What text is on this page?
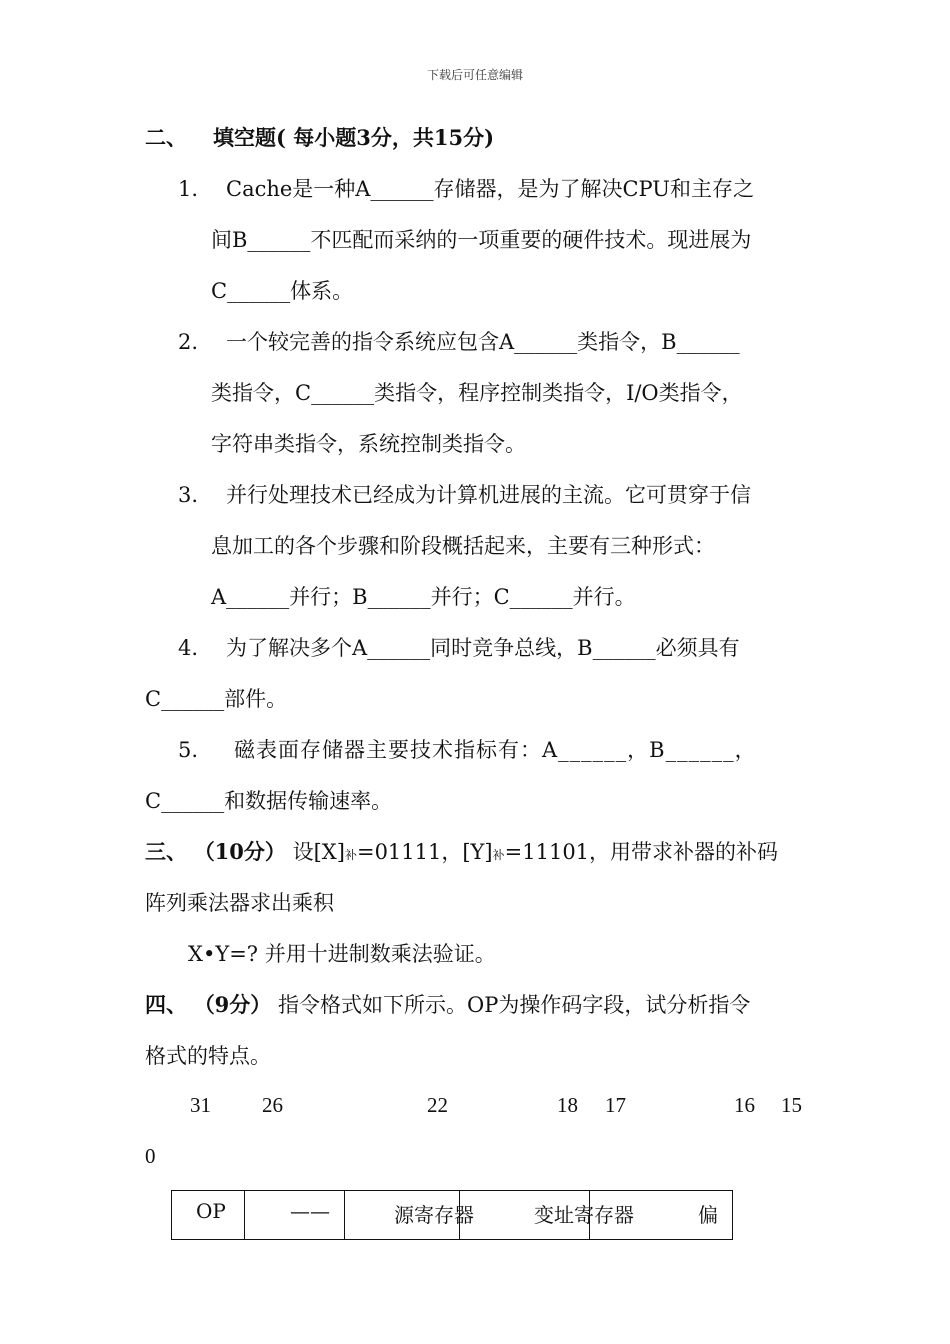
下载后可任意编辑
二、 填空题( 每小题3分，共15分)
1. Cache是一种A______存储器，是为了解决CPU和主存之
间B______不匹配而采纳的一项重要的硬件技术。现进展为
C______体系。
2. 一个较完善的指令系统应包含A______类指令，B______
类指令，C______类指令，程序控制类指令，I/O类指令，
字符串类指令，系统控制类指令。
3. 并行处理技术已经成为计算机进展的主流。它可贯穿于信
息加工的各个步骤和阶段概括起来，主要有三种形式：
A______并行；B______并行；C______并行。
4. 为了解决多个A______同时竞争总线，B______必须具有
C______部件。
5. 磁表面存储器主要技术指标有：A______，B______，
C______和数据传输速率。
三、 （10分） 设[X]补=01111，[Y]补=11101，用带求补器的补码
阵列乘法器求出乘积
X•Y=? 并用十进制数乘法验证。
四、 （9分） 指令格式如下所示。OP为操作码字段，试分析指令
格式的特点。
31 26	22	18 17	16 15
0
OP	——	源寄存器	变址寄存器	偏
